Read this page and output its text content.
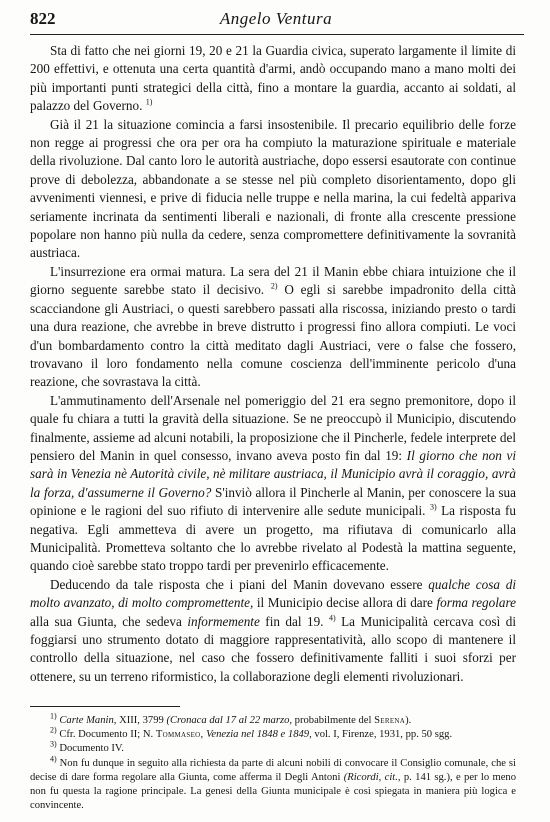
822	Angelo Ventura

Sta di fatto che nei giorni 19, 20 e 21 la Guardia civica, superato largamente il limite di 200 effettivi, e ottenuta una certa quantità d'armi, andò occupando mano a mano molti dei più importanti punti strategici della città, fino a montare la guardia, accanto ai soldati, al palazzo del Governo. $^{1)}$

Già il 21 la situazione comincia a farsi insostenibile. Il precario equilibrio delle forze non regge ai progressi che ora per ora ha compiuto la maturazione spirituale e materiale della rivoluzione. Dal canto loro le autorità austriache, dopo essersi esautorate con continue prove di debolezza, abbandonate a se stesse nel più completo disorientamento, dopo gli avvenimenti viennesi, e prive di fiducia nelle truppe e nella marina, la cui fedeltà appariva seriamente incrinata da sentimenti liberali e nazionali, di fronte alla crescente pressione popolare non hanno più nulla da cedere, senza compromettere definitivamente la sovranità austriaca.

L'insurrezione era ormai matura. La sera del 21 il Manin ebbe chiara intuizione che il giorno seguente sarebbe stato il decisivo. $^{2)}$ O egli si sarebbe impadronito della città scacciandone gli Austriaci, o questi sarebbero passati alla riscossa, iniziando presto o tardi una dura reazione, che avrebbe in breve distrutto i progressi fino allora compiuti. Le voci d'un bombardamento contro la città meditato dagli Austriaci, vere o false che fossero, trovavano il loro fondamento nella comune coscienza dell'imminente pericolo d'una reazione, che sovrastava la città.

L'ammutinamento dell'Arsenale nel pomeriggio del 21 era segno premonitore, dopo il quale fu chiara a tutti la gravità della situazione. Se ne preoccupò il Municipio, discutendo finalmente, assieme ad alcuni notabili, la proposizione che il Pincherle, fedele interprete del pensiero del Manin in quel consesso, invano aveva posto fin dal 19: Il giorno che non vi sarà in Venezia nè Autorità civile, nè militare austriaca, il Municipio avrà il coraggio, avrà la forza, d'assumerne il Governo? S'inviò allora il Pincherle al Manin, per conoscere la sua opinione e le ragioni del suo rifiuto di intervenire alle sedute municipali. $^{3)}$ La risposta fu negativa. Egli ammetteva di avere un progetto, ma rifiutava di comunicarlo alla Municipalità. Prometteva soltanto che lo avrebbe rivelato al Podestà la mattina seguente, quando cioè sarebbe stato troppo tardi per prevenirlo efficacemente.

Deducendo da tale risposta che i piani del Manin dovevano essere qualche cosa di molto avanzato, di molto compromettente, il Municipio decise allora di dare forma regolare alla sua Giunta, che sedeva informemente fin dal 19. $^{4)}$ La Municipalità cercava così di foggiarsi uno strumento dotato di maggiore rappresentatività, allo scopo di mantenere il controllo della situazione, nel caso che fossero definitivamente falliti i suoi sforzi per ottenere, su un terreno riformistico, la collaborazione degli elementi rivoluzionari.

$^{1)}$ Carte Manin, XIII, 3799 (Cronaca dal 17 al 22 marzo, probabilmente del Serena).

$^{2)}$ Cfr. Documento II; N. Tommaseo, Venezia nel 1848 e 1849, vol. I, Firenze, 1931, pp. 50 sgg.

$^{3)}$ Documento IV.

$^{4)}$ Non fu dunque in seguito alla richiesta da parte di alcuni nobili di convocare il Consiglio comunale, che si decise di dare forma regolare alla Giunta, come afferma il Degli Antoni (Ricordi, cit., p. 141 sg.), e per lo meno non fu questa la ragione principale. La genesi della Giunta municipale è così spiegata in maniera più logica e convincente.
